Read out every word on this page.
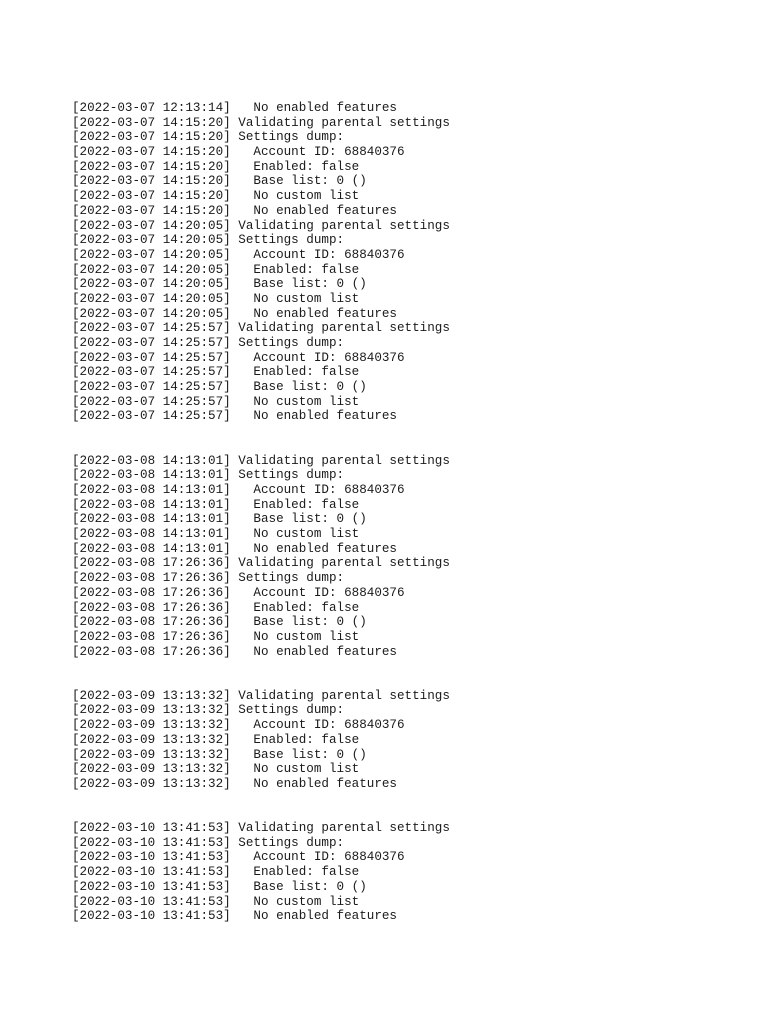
[2022-03-07 12:13:14]   No enabled features
[2022-03-07 14:15:20] Validating parental settings
[2022-03-07 14:15:20] Settings dump:
[2022-03-07 14:15:20]   Account ID: 68840376
[2022-03-07 14:15:20]   Enabled: false
[2022-03-07 14:15:20]   Base list: 0 ()
[2022-03-07 14:15:20]   No custom list
[2022-03-07 14:15:20]   No enabled features
[2022-03-07 14:20:05] Validating parental settings
[2022-03-07 14:20:05] Settings dump:
[2022-03-07 14:20:05]   Account ID: 68840376
[2022-03-07 14:20:05]   Enabled: false
[2022-03-07 14:20:05]   Base list: 0 ()
[2022-03-07 14:20:05]   No custom list
[2022-03-07 14:20:05]   No enabled features
[2022-03-07 14:25:57] Validating parental settings
[2022-03-07 14:25:57] Settings dump:
[2022-03-07 14:25:57]   Account ID: 68840376
[2022-03-07 14:25:57]   Enabled: false
[2022-03-07 14:25:57]   Base list: 0 ()
[2022-03-07 14:25:57]   No custom list
[2022-03-07 14:25:57]   No enabled features
[2022-03-08 14:13:01] Validating parental settings
[2022-03-08 14:13:01] Settings dump:
[2022-03-08 14:13:01]   Account ID: 68840376
[2022-03-08 14:13:01]   Enabled: false
[2022-03-08 14:13:01]   Base list: 0 ()
[2022-03-08 14:13:01]   No custom list
[2022-03-08 14:13:01]   No enabled features
[2022-03-08 17:26:36] Validating parental settings
[2022-03-08 17:26:36] Settings dump:
[2022-03-08 17:26:36]   Account ID: 68840376
[2022-03-08 17:26:36]   Enabled: false
[2022-03-08 17:26:36]   Base list: 0 ()
[2022-03-08 17:26:36]   No custom list
[2022-03-08 17:26:36]   No enabled features
[2022-03-09 13:13:32] Validating parental settings
[2022-03-09 13:13:32] Settings dump:
[2022-03-09 13:13:32]   Account ID: 68840376
[2022-03-09 13:13:32]   Enabled: false
[2022-03-09 13:13:32]   Base list: 0 ()
[2022-03-09 13:13:32]   No custom list
[2022-03-09 13:13:32]   No enabled features
[2022-03-10 13:41:53] Validating parental settings
[2022-03-10 13:41:53] Settings dump:
[2022-03-10 13:41:53]   Account ID: 68840376
[2022-03-10 13:41:53]   Enabled: false
[2022-03-10 13:41:53]   Base list: 0 ()
[2022-03-10 13:41:53]   No custom list
[2022-03-10 13:41:53]   No enabled features
